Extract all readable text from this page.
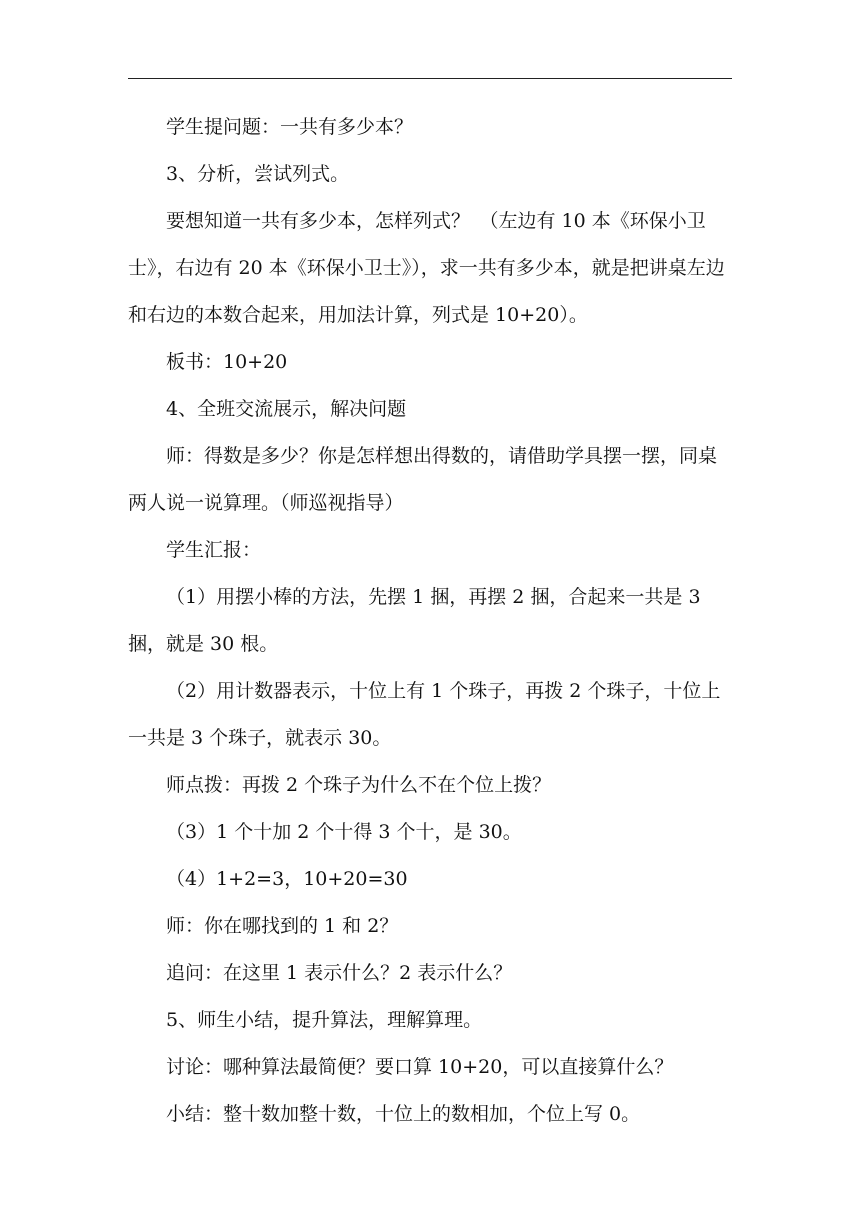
学生提问题：一共有多少本？

3、分析，尝试列式。

要想知道一共有多少本，怎样列式？　（左边有 10 本《环保小卫士》，右边有 20 本《环保小卫士》），求一共有多少本，就是把讲桌左边和右边的本数合起来，用加法计算，列式是 10+20）。

板书：10+20

4、全班交流展示，解决问题

师：得数是多少？你是怎样想出得数的，请借助学具摆一摆，同桌两人说一说算理。（师巡视指导）

学生汇报：

（1）用摆小棒的方法，先摆 1 捆，再摆 2 捆，合起来一共是 3 捆，就是 30 根。

（2）用计数器表示，十位上有 1 个珠子，再拨 2 个珠子，十位上一共是 3 个珠子，就表示 30。

师点拨：再拨 2 个珠子为什么不在个位上拨？

（3）1 个十加 2 个十得 3 个十，是 30。

（4）1+2=3，10+20=30

师：你在哪找到的 1 和 2？

追问：在这里 1 表示什么？2 表示什么？

5、师生小结，提升算法，理解算理。

讨论：哪种算法最简便？要口算 10+20，可以直接算什么？

小结：整十数加整十数，十位上的数相加，个位上写 0。
